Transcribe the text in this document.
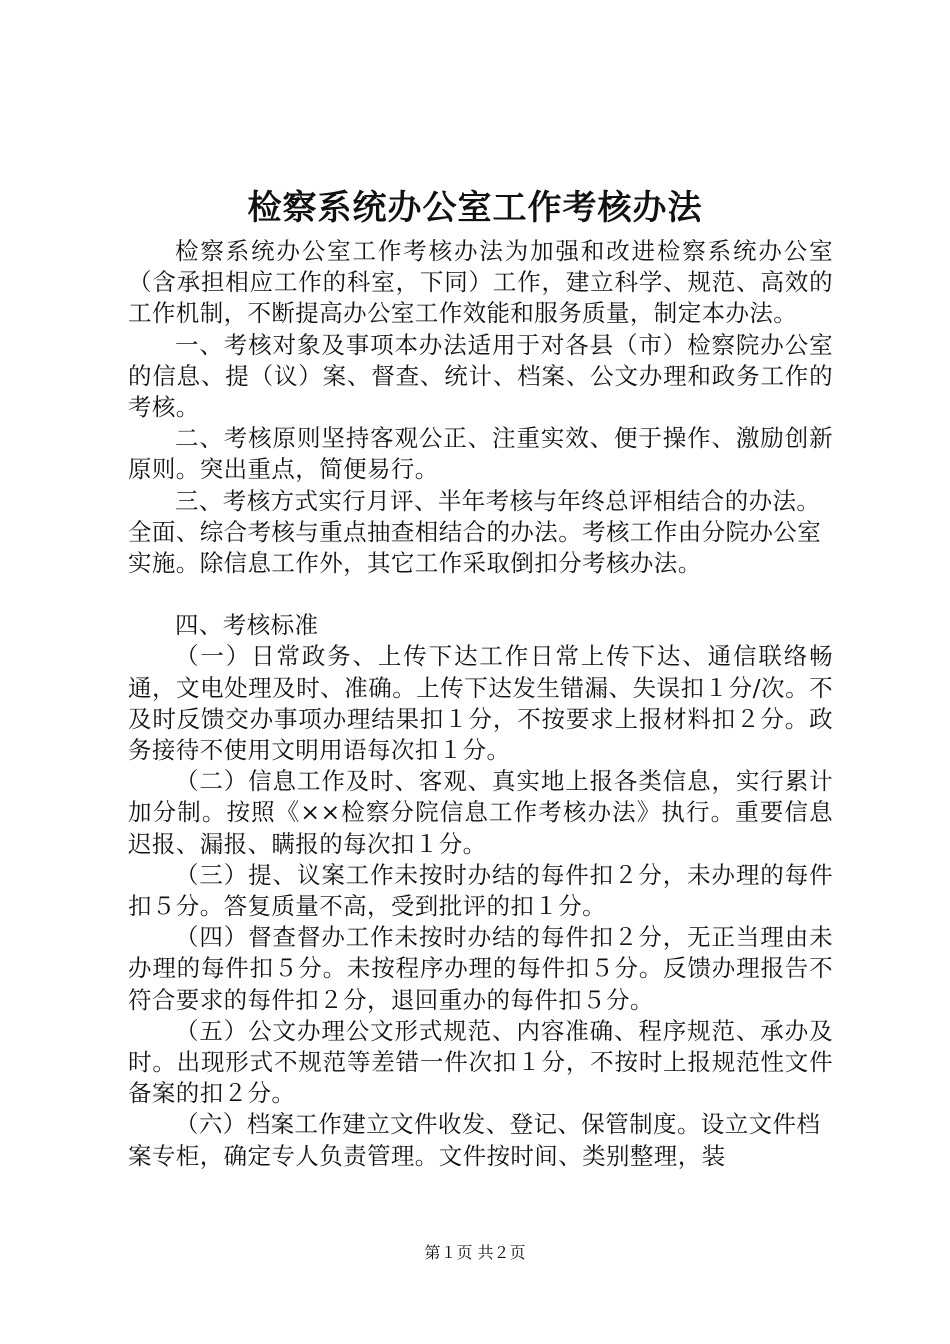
检察系统办公室工作考核办法

检察系统办公室工作考核办法为加强和改进检察系统办公室（含承担相应工作的科室，下同）工作，建立科学、规范、高效的工作机制，不断提高办公室工作效能和服务质量，制定本办法。

一、考核对象及事项本办法适用于对各县（市）检察院办公室的信息、提（议）案、督查、统计、档案、公文办理和政务工作的考核。

二、考核原则坚持客观公正、注重实效、便于操作、激励创新原则。突出重点，简便易行。

三、考核方式实行月评、半年考核与年终总评相结合的办法。全面、综合考核与重点抽查相结合的办法。考核工作由分院办公室实施。除信息工作外，其它工作采取倒扣分考核办法。

四、考核标准

（一）日常政务、上传下达工作日常上传下达、通信联络畅通，文电处理及时、准确。上传下达发生错漏、失误扣１分/次。不及时反馈交办事项办理结果扣１分，不按要求上报材料扣２分。政务接待不使用文明用语每次扣１分。

（二）信息工作及时、客观、真实地上报各类信息，实行累计加分制。按照《××检察分院信息工作考核办法》执行。重要信息迟报、漏报、瞒报的每次扣１分。

（三）提、议案工作未按时办结的每件扣２分，未办理的每件扣５分。答复质量不高，受到批评的扣１分。

（四）督查督办工作未按时办结的每件扣２分，无正当理由未办理的每件扣５分。未按程序办理的每件扣５分。反馈办理报告不符合要求的每件扣２分，退回重办的每件扣５分。

（五）公文办理公文形式规范、内容准确、程序规范、承办及时。出现形式不规范等差错一件次扣１分，不按时上报规范性文件备案的扣２分。

（六）档案工作建立文件收发、登记、保管制度。设立文件档案专柜，确定专人负责管理。文件按时间、类别整理，装

第１页 共２页
